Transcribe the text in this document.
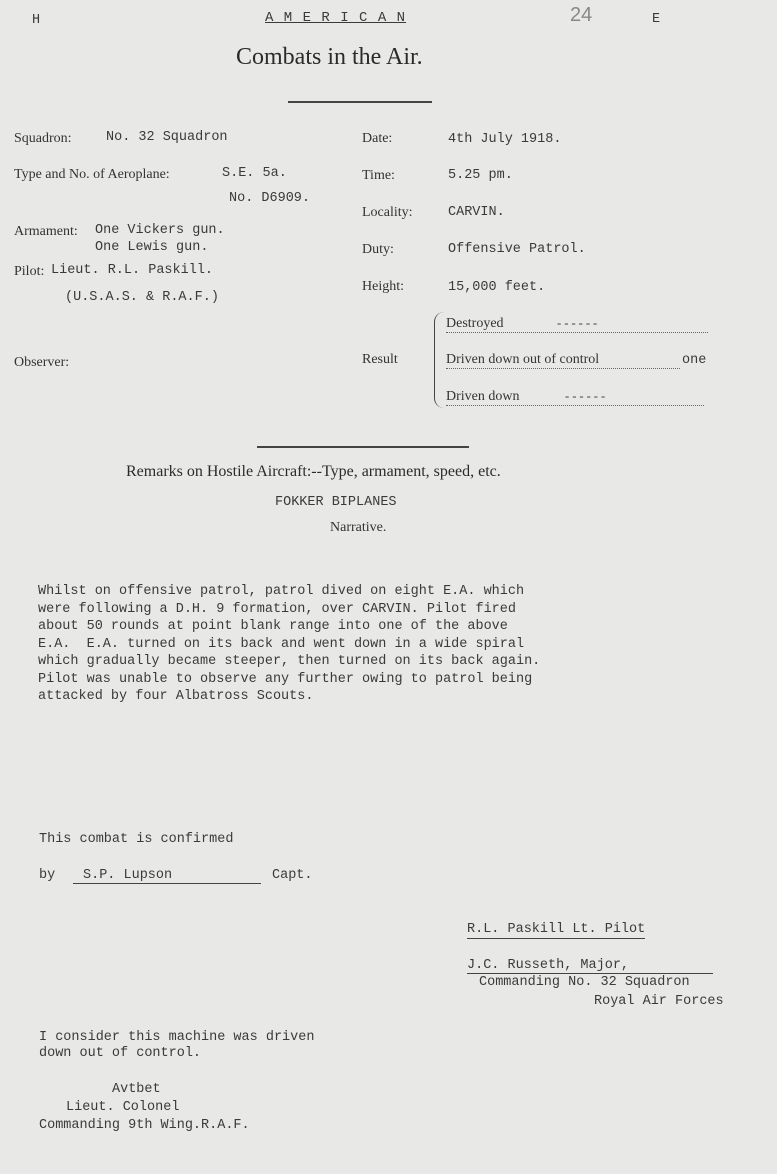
H	A M E R I C A N	24	E
Combats in the Air.
Squadron:	No. 32 Squadron
Type and No. of Aeroplane:	S.E. 5a.
No. D6909.
Armament: One Vickers gun.
One Lewis gun.
Pilot: Lieut. R.L. Paskill.
(U.S.A.S. & R.A.F.)
Observer:
Date:	4th July 1918.
Time:	5.25 pm.
Locality:	CARVIN.
Duty:	Offensive Patrol.
Height:	15,000 feet.
Result
Destroyed	------
Driven down out of control	one
Driven down	------
Remarks on Hostile Aircraft:--Type, armament, speed, etc.
FOKKER BIPLANES
Narrative.
Whilst on offensive patrol, patrol dived on eight E.A. which
were following a D.H. 9 formation, over CARVIN. Pilot fired
about 50 rounds at point blank range into one of the above
E.A.  E.A. turned on its back and went down in a wide spiral
which gradually became steeper, then turned on its back again.
Pilot was unable to observe any further owing to patrol being
attacked by four Albatross Scouts.
This combat is confirmed
by	S.P. Lupson	Capt.
R.L. Paskill Lt. Pilot
J.C. Russeth, Major,
Commanding No. 32 Squadron
Royal Air Forces
I consider this machine was driven
down out of control.
Avtbet
Lieut. Colonel
Commanding 9th Wing.R.A.F.
